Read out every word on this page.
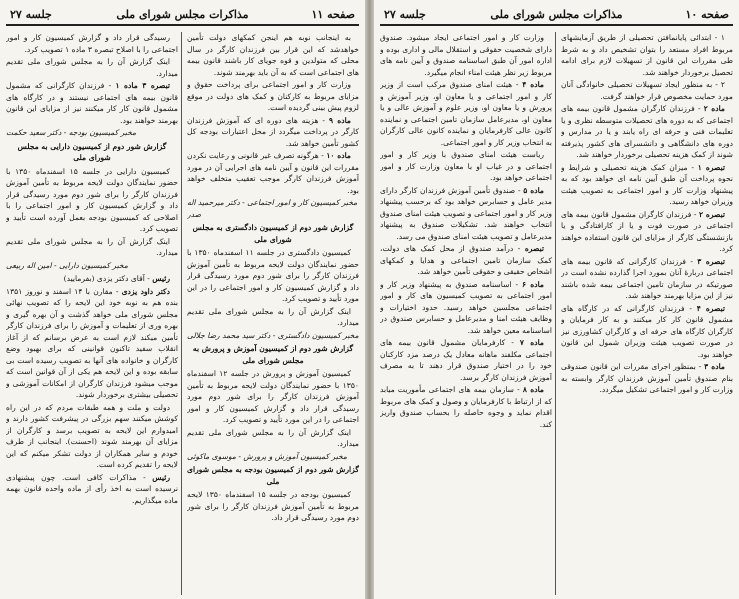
صفحه ۱۱
مذاکرات مجلس شورای ملی
جلسه ۲۷

به اینجانب نوبه هم اینجن کمکهای دولت تأمین خواهدشد که این قرار بین فرزندان کارگر در سال محلی که متولدین و قوه جویای کار باشند قانون بیمه های اجتماعی است که به آن باید بهرمند شوند.

وزارت کار و امور اجتماعی برای پرداخت حقوق و مزایای مربوط به کارکنان و کمک های دولت در موقع لزوم پیش بینی گردیده است.

ماده ۹ - هزینه های دوره ای که آموزش فرزندان کارگر در پرداخت میگردد از محل اعتبارات بودجه کل کشور تأمین خواهد شد.

ماده ۱۰ - هرگونه تصرف غیر قانونی و رعایت نکردن مقررات این قانون و آیین نامه های اجرایی آن در مورد آموزش فرزندان کارگر موجب تعقیب متخلف خواهد بود.

مخبر کمیسیون کار و امور اجتماعی - دکتر میرحمید اله صدر

گزارش شور دوم از کمیسیون دادگستری به مجلس شورای ملی

کمیسیون دادگستری در جلسه ۱۱ اسفندماه ۱۳۵۰ با حضور نمایندگان دولت لایحه مربوط به تأمین آموزش فرزندان کارگر را برای شور دوم مورد رسیدگی قرار داد و گزارش کمیسیون کار و امور اجتماعی را در این مورد تأیید و تصویب کرد.

اینک گزارش آن را به مجلس شورای ملی تقدیم میدارد.

مخبر کمیسیون دادگستری - دکتر سید محمد رضا جلالی

گزارش شور دوم از کمیسیون آموزش و پرورش به مجلس شورای ملی

کمیسیون آموزش و پرورش در جلسه ۱۲ اسفندماه ۱۳۵۰ با حضور نمایندگان دولت لایحه مربوط به تأمین آموزش فرزندان کارگر را برای شور دوم مورد رسیدگی قرار داد و گزارش کمیسیون کار و امور اجتماعی را در این مورد تأیید و تصویب کرد.

اینک گزارش آن را به مجلس شورای ملی تقدیم میدارد.

مخبر کمیسیون آموزش و پرورش - موسوی ماکوئی

گزارش شور دوم از کمیسیون بودجه به مجلس شورای ملی

کمیسیون بودجه در جلسه ۱۵ اسفندماه ۱۳۵۰ لایحه مربوط به تأمین آموزش فرزندان کارگر را برای شور دوم مورد رسیدگی قرار داد.

رسیدگی قرار داد و گزارش کمیسیون کار و امور اجتماعی را با اصلاح تبصره ۳ ماده ۱ تصویب کرد.

اینک گزارش آن را به مجلس شورای ملی تقدیم میدارد.

تبصره ۳ ماده ۱ - فرزندان کارگرانی که مشمول قانون بیمه های اجتماعی نیستند و در کارگاه های مشمول قانون کار کار میکنند نیز از مزایای این قانون بهرمند خواهند بود.

مخبر کمیسیون بودجه - دکتر سعید حکمت

گزارش شور دوم از کمیسیون دارایی به مجلس شورای ملی

کمیسیون دارایی در جلسه ۱۵ اسفندماه ۱۳۵۰ با حضور نمایندگان دولت لایحه مربوط به تأمین آموزش فرزندان کارگر را برای شور دوم مورد رسیدگی قرار داد و گزارش کمیسیون کار و امور اجتماعی را با اصلاحی که کمیسیون بودجه بعمل آورده است تأیید و تصویب کرد.

اینک گزارش آن را به مجلس شورای ملی تقدیم میدارد.

مخبر کمیسیون دارایی - امین اله ربیعی

رئیس - آقای دکتر یزدی (بفرمایید)

دکتر داود یزدی - مقارن با ۱۴ اسفند و نوروز ۱۳۵۱ بنده هم به نوبه خود این لایحه را که تصویب نهائی مجلس شورای ملی خواهد گذشت و آن بهره گیری و بهره وری از تعلیمات و آموزش را برای فرزندان کارگر تأمین میکند لازم است به عرض برسانم که از آغاز انقلاب سفید تاکنون قوانینی که برای بهبود وضع کارگران و خانواده های آنها به تصویب رسیده است بی سابقه بوده و این لایحه هم یکی از آن قوانین است که موجب میشود فرزندان کارگران از امکانات آموزشی و تحصیلی بیشتری برخوردار شوند.

دولت و ملت و همه طبقات مردم که در این راه کوشش میکنند سهم بزرگی در پیشرفت کشور دارند و امیدوارم این لایحه به تصویب برسد و کارگران از مزایای آن بهرمند شوند (احسنت). اینجانب از طرف خودم و سایر همکاران از دولت تشکر میکنم که این لایحه را تقدیم کرده است.

رئیس - مذاکرات کافی است. چون پیشنهادی نرسیده است به اخذ رأی از ماده واحده قانون بهمه ماده میگذاریم.

صفحه ۱۰
مذاکرات مجلس شورای ملی
جلسه ۲۷

۱ - ابتدائی پایانمافتن تحصیلی از طریق آزمایشهای مربوط افراد مستعد را بتوان تشخیص داد و به شرط طی مقررات این قانون از تسهیلات لازم برای ادامه تحصیل برخوردار خواهند شد.

۲ - به منظور ایجاد تسهیلات تحصیلی خانوادگی آنان مورد حمایت مخصوص قرار خواهند گرفت.

ماده ۲ - فرزندان کارگران مشمول قانون بیمه های اجتماعی که به دوره های تحصیلات متوسطه نظری و یا تعلیمات فنی و حرفه ای راه یابند و یا در مدارس و دوره های دانشگاهی و دانشسرای های کشور پذیرفته شوند از کمک هزینه تحصیلی برخوردار خواهند شد.

تبصره ۱ - میزان کمک هزینه تحصیلی و شرایط و نحوه پرداخت آن طبق آیین نامه ای خواهد بود که به پیشنهاد وزارت کار و امور اجتماعی به تصویب هیئت وزیران خواهد رسید.

تبصره ۲ - فرزندان کارگران مشمول قانون بیمه های اجتماعی در صورت فوت و یا از کارافتادگی و یا بازنشستگی کارگر از مزایای این قانون استفاده خواهند کرد.

تبصره ۳ - فرزندان کارگرانی که قانون بیمه های اجتماعی دربارهٔ آنان بمورد اجرا گذارده نشده است در صورتیکه در سازمان تامین اجتماعی بیمه شده باشند نیز از این مزایا بهرمند خواهند شد.

تبصره ۴ - فرزندان کارگرانی که در کارگاه های مشمول قانون کار کار میکنند و به کار فرمایان و کارگران کارگاه های حرفه ای و کارگران کشاورزی نیز در صورت تصویب هیئت وزیران شمول این قانون خواهند بود.

ماده ۳ - بمنظور اجرای مقررات این قانون صندوقی بنام صندوق تأمین آموزش فرزندان کارگر وابسته به وزارت کار و امور اجتماعی تشکیل میگردد.

وزارت کار و امور اجتماعی ایجاد میشود. صندوق دارای شخصیت حقوقی و استقلال مالی و اداری بوده و اداره امور آن طبق اساسنامه صندوق و آیین نامه های مربوط زیر نظر هیئت امناء انجام میگیرد.

ماده ۴ - هیئت امنای صندوق مرکب است از وزیر کار و امور اجتماعی و یا معاون او، وزیر آموزش و پرورش و یا معاون او، وزیر علوم و آموزش عالی و یا معاون او، مدیرعامل سازمان تامین اجتماعی و نماینده کانون عالی کارفرمایان و نماینده کانون عالی کارگران به انتخاب وزیر کار و امور اجتماعی.

ریاست هیئت امنای صندوق با وزیر کار و امور اجتماعی و در غیاب او با معاون وزارت کار و امور اجتماعی خواهد بود.

ماده ۵ - صندوق تأمین آموزش فرزندان کارگر دارای مدیر عامل و حسابرس خواهد بود که برحسب پیشنهاد وزیر کار و امور اجتماعی و تصویب هیئت امنای صندوق انتخاب خواهند شد. تشکیلات صندوق به پیشنهاد مدیرعامل و تصویب هیئت امنای صندوق می رسد.

تبصره - درآمد صندوق از محل کمک های دولت، کمک سازمان تامین اجتماعی و هدایا و کمکهای اشخاص حقیقی و حقوقی تأمین خواهد شد.

ماده ۶ - اساسنامه صندوق به پیشنهاد وزیر کار و امور اجتماعی به تصویب کمیسیون های کار و امور اجتماعی مجلسین خواهد رسید. حدود اختیارات و وظایف هیئت امنا و مدیرعامل و حسابرس صندوق در اساسنامه معین خواهد شد.

ماده ۷ - کارفرمایان مشمول قانون بیمه های اجتماعی مکلفند ماهانه معادل یک درصد مزد کارکنان خود را در اختیار صندوق قرار دهند تا به مصرف آموزش فرزندان کارگر برسد.

ماده ۸ - سازمان بیمه های اجتماعی مأموریت میابد که از ارتباط با کارفرمایان و وصول و کمک های مربوط اقدام نماید و وجوه حاصله را بحساب صندوق واریز کند.
